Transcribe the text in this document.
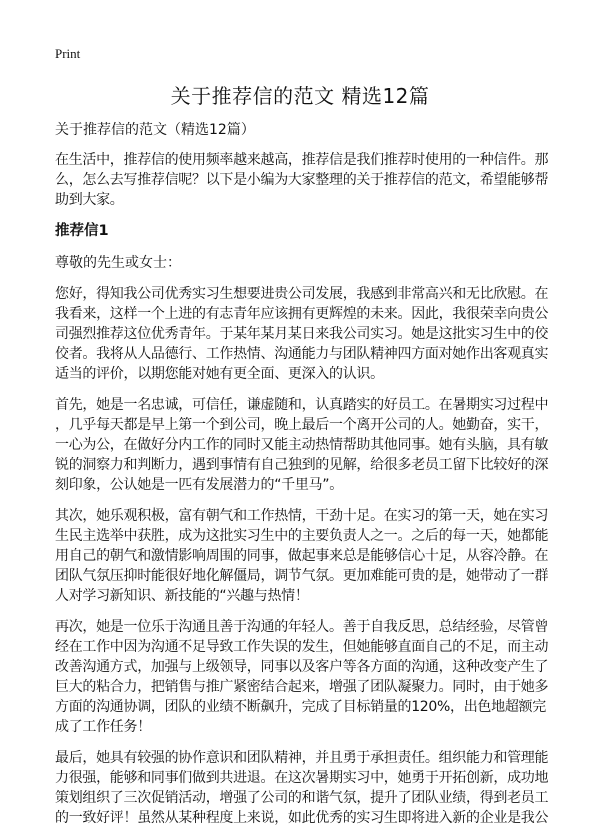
Print
关于推荐信的范文 精选12篇
关于推荐信的范文（精选12篇）
在生活中，推荐信的使用频率越来越高，推荐信是我们推荐时使用的一种信件。那
么，怎么去写推荐信呢？以下是小编为大家整理的关于推荐信的范文，希望能够帮
助到大家。
推荐信1
尊敬的先生或女士：
您好，得知我公司优秀实习生想要进贵公司发展，我感到非常高兴和无比欣慰。在
我看来，这样一个上进的有志青年应该拥有更辉煌的未来。因此，我很荣幸向贵公
司强烈推荐这位优秀青年。于某年某月某日来我公司实习。她是这批实习生中的佼
佼者。我将从人品德行、工作热情、沟通能力与团队精神四方面对她作出客观真实
适当的评价，以期您能对她有更全面、更深入的认识。
首先，她是一名忠诚，可信任，谦虚随和，认真踏实的好员工。在暑期实习过程中
，几乎每天都是早上第一个到公司，晚上最后一个离开公司的人。她勤奋，实干，
一心为公，在做好分内工作的同时又能主动热情帮助其他同事。她有头脑，具有敏
锐的洞察力和判断力，遇到事情有自己独到的见解，给很多老员工留下比较好的深
刻印象，公认她是一匹有发展潜力的“千里马”。
其次，她乐观积极，富有朝气和工作热情，干劲十足。在实习的第一天，她在实习
生民主选举中获胜，成为这批实习生中的主要负责人之一。之后的每一天，她都能
用自己的朝气和激情影响周围的同事，做起事来总是能够信心十足，从容冷静。在
团队气氛压抑时能很好地化解僵局，调节气氛。更加难能可贵的是，她带动了一群
人对学习新知识、新技能的“兴趣与热情！
再次，她是一位乐于沟通且善于沟通的年轻人。善于自我反思，总结经验，尽管曾
经在工作中因为沟通不足导致工作失误的发生，但她能够直面自己的不足，而主动
改善沟通方式，加强与上级领导，同事以及客户等各方面的沟通，这种改变产生了
巨大的粘合力，把销售与推广紧密结合起来，增强了团队凝聚力。同时，由于她多
方面的沟通协调，团队的业绩不断飙升，完成了目标销量的120%，出色地超额完
成了工作任务！
最后，她具有较强的协作意识和团队精神，并且勇于承担责任。组织能力和管理能
力很强，能够和同事们做到共进退。在这次暑期实习中，她勇于开拓创新，成功地
策划组织了三次促销活动，增强了公司的和谐气氛，提升了团队业绩，得到老员工
的一致好评！虽然从某种程度上来说，如此优秀的实习生即将进入新的企业是我公
